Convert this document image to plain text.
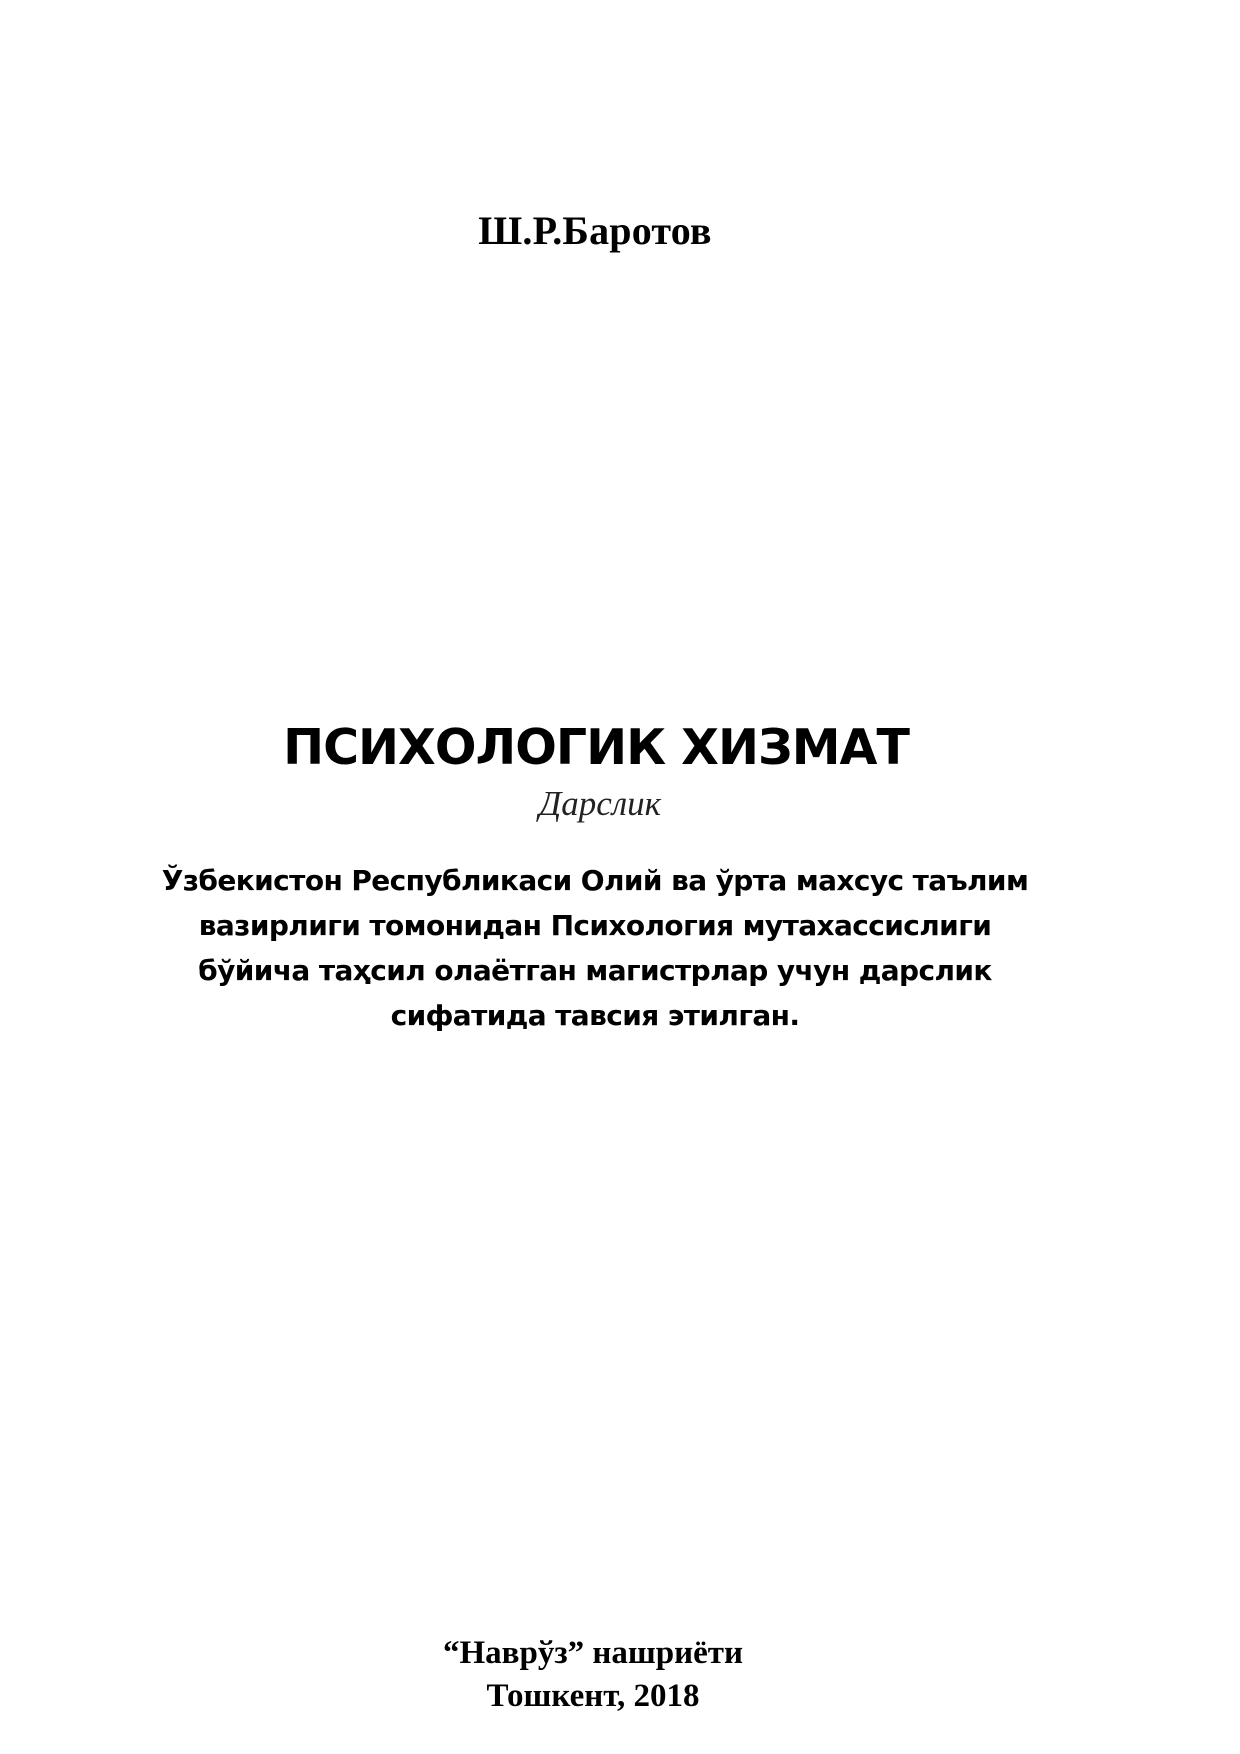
Ш.Р.Баротов
ПСИХОЛОГИК ХИЗМАТ
Дарслик
Ўзбекистон Республикаси Олий ва ўрта махсус таълим
вазирлиги томонидан Психология мутахассислиги
бўйича таҳсил олаётган магистрлар учун дарслик
сифатида тавсия этилган.
“Наврўз” нашриёти
Тошкент, 2018
